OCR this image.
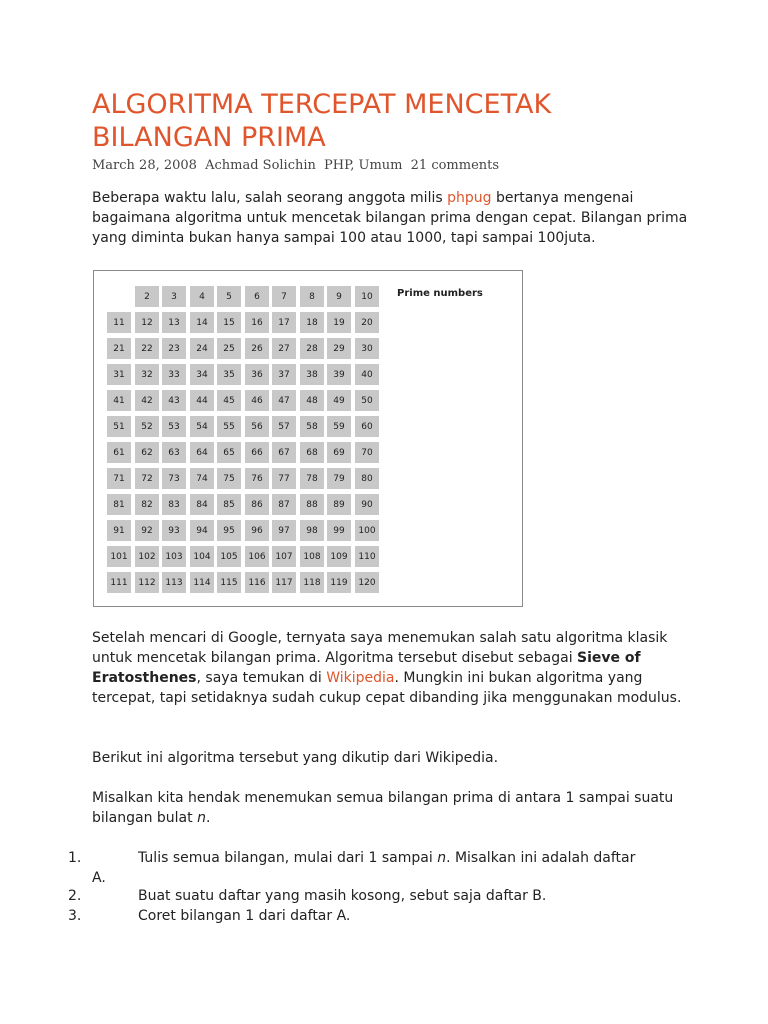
ALGORITMA TERCEPAT MENCETAK BILANGAN PRIMA
March 28, 2008 Achmad Solichin PHP, Umum 21 comments

Beberapa waktu lalu, salah seorang anggota milis phpug bertanya mengenai bagaimana algoritma untuk mencetak bilangan prima dengan cepat. Bilangan prima yang diminta bukan hanya sampai 100 atau 1000, tapi sampai 100juta.

Prime numbers
2	3	4	5	6	7	8	9	10
11	12	13	14	15	16	17	18	19	20
21	22	23	24	25	26	27	28	29	30
31	32	33	34	35	36	37	38	39	40
41	42	43	44	45	46	47	48	49	50
51	52	53	54	55	56	57	58	59	60
61	62	63	64	65	66	67	68	69	70
71	72	73	74	75	76	77	78	79	80
81	82	83	84	85	86	87	88	89	90
91	92	93	94	95	96	97	98	99	100
101	102	103	104	105	106	107	108	109	110
111	112	113	114	115	116	117	118	119	120

Setelah mencari di Google, ternyata saya menemukan salah satu algoritma klasik untuk mencetak bilangan prima. Algoritma tersebut disebut sebagai Sieve of Eratosthenes, saya temukan di Wikipedia. Mungkin ini bukan algoritma yang tercepat, tapi setidaknya sudah cukup cepat dibanding jika menggunakan modulus.

Berikut ini algoritma tersebut yang dikutip dari Wikipedia.

Misalkan kita hendak menemukan semua bilangan prima di antara 1 sampai suatu bilangan bulat n.

1.	Tulis semua bilangan, mulai dari 1 sampai n. Misalkan ini adalah daftar
A.
2.	Buat suatu daftar yang masih kosong, sebut saja daftar B.
3.	Coret bilangan 1 dari daftar A.
